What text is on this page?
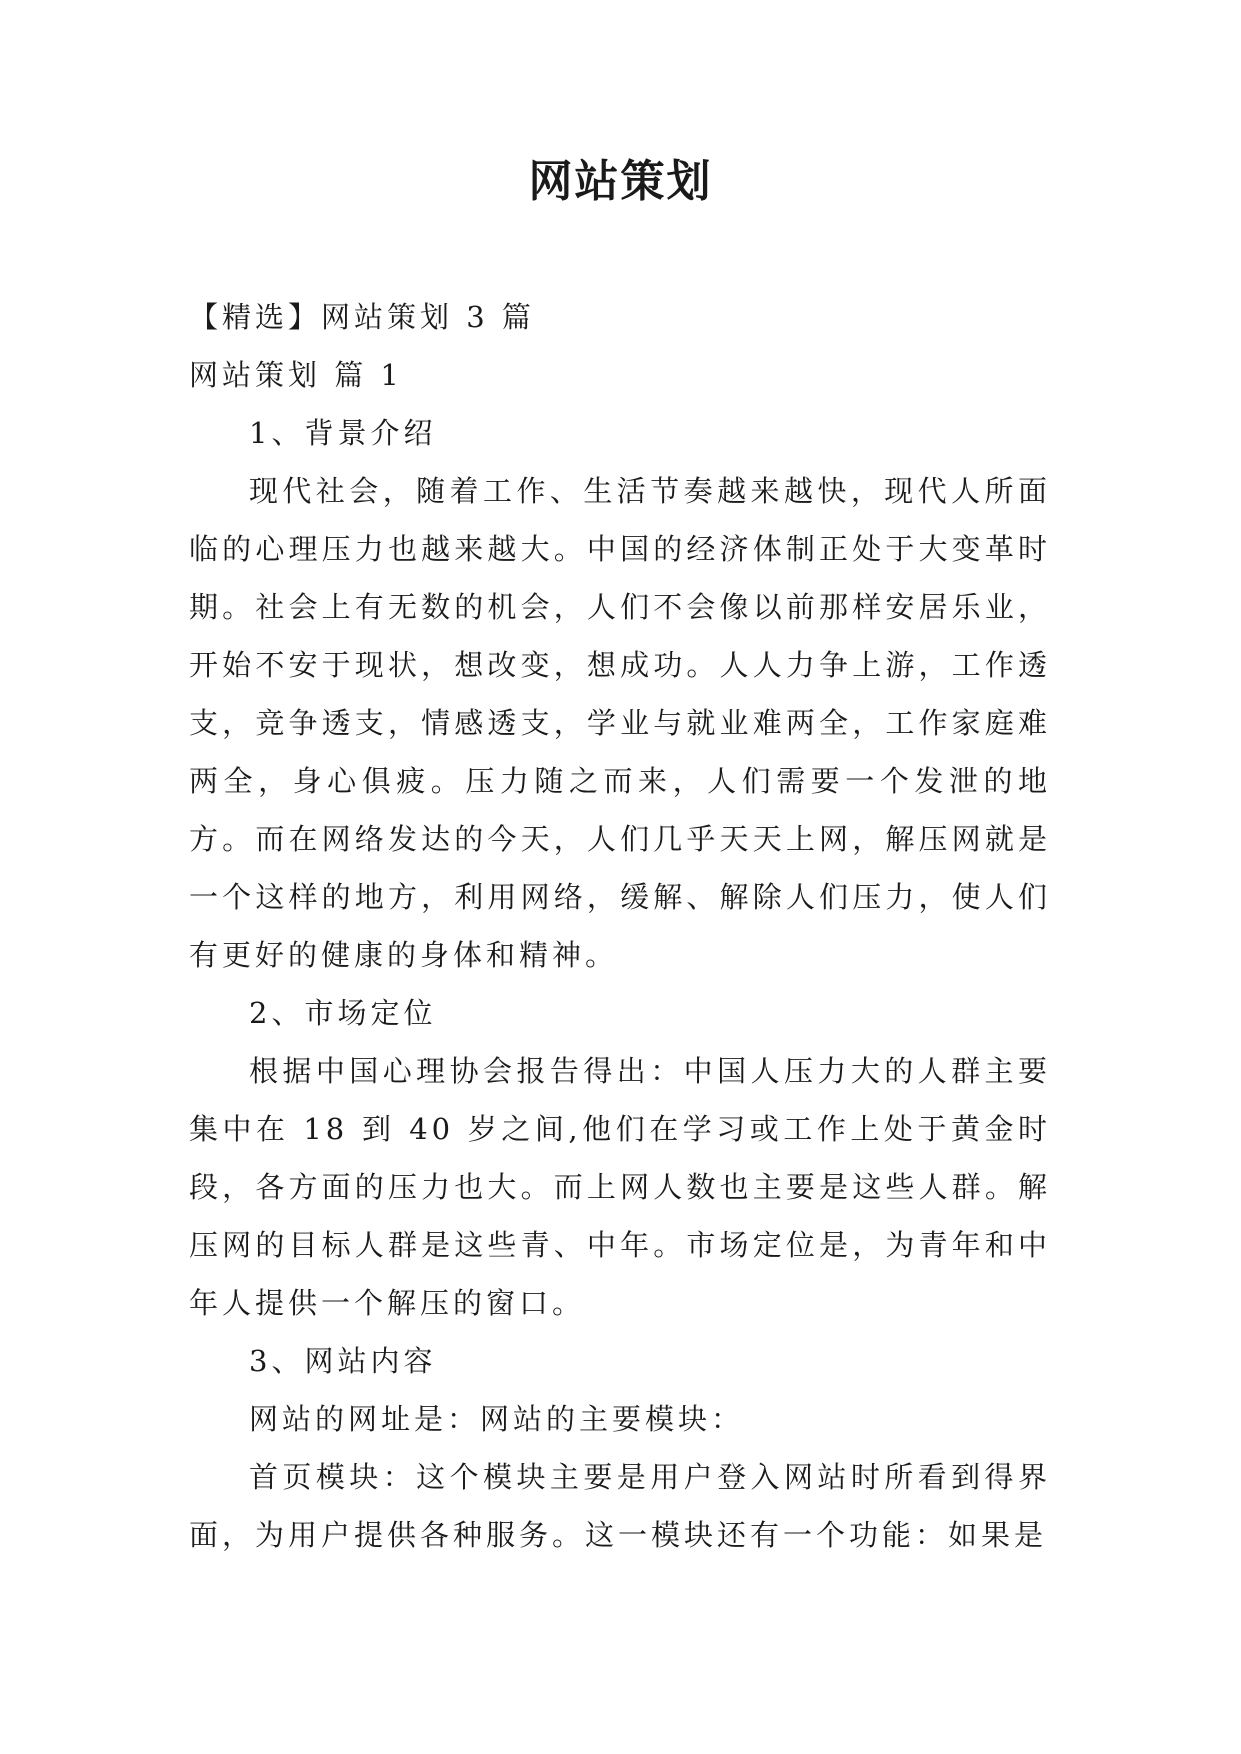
网站策划

【精选】网站策划 3 篇

网站策划 篇 1

1、背景介绍

现代社会，随着工作、生活节奏越来越快，现代人所面临的心理压力也越来越大。中国的经济体制正处于大变革时期。社会上有无数的机会，人们不会像以前那样安居乐业，开始不安于现状，想改变，想成功。人人力争上游，工作透支，竞争透支，情感透支，学业与就业难两全，工作家庭难两全，身心俱疲。压力随之而来，人们需要一个发泄的地方。而在网络发达的今天，人们几乎天天上网，解压网就是一个这样的地方，利用网络，缓解、解除人们压力，使人们有更好的健康的身体和精神。

2、市场定位

根据中国心理协会报告得出：中国人压力大的人群主要集中在 18 到 40 岁之间,他们在学习或工作上处于黄金时段，各方面的压力也大。而上网人数也主要是这些人群。解压网的目标人群是这些青、中年。市场定位是，为青年和中年人提供一个解压的窗口。

3、网站内容

网站的网址是：网站的主要模块：

首页模块：这个模块主要是用户登入网站时所看到得界面，为用户提供各种服务。这一模块还有一个功能：如果是
